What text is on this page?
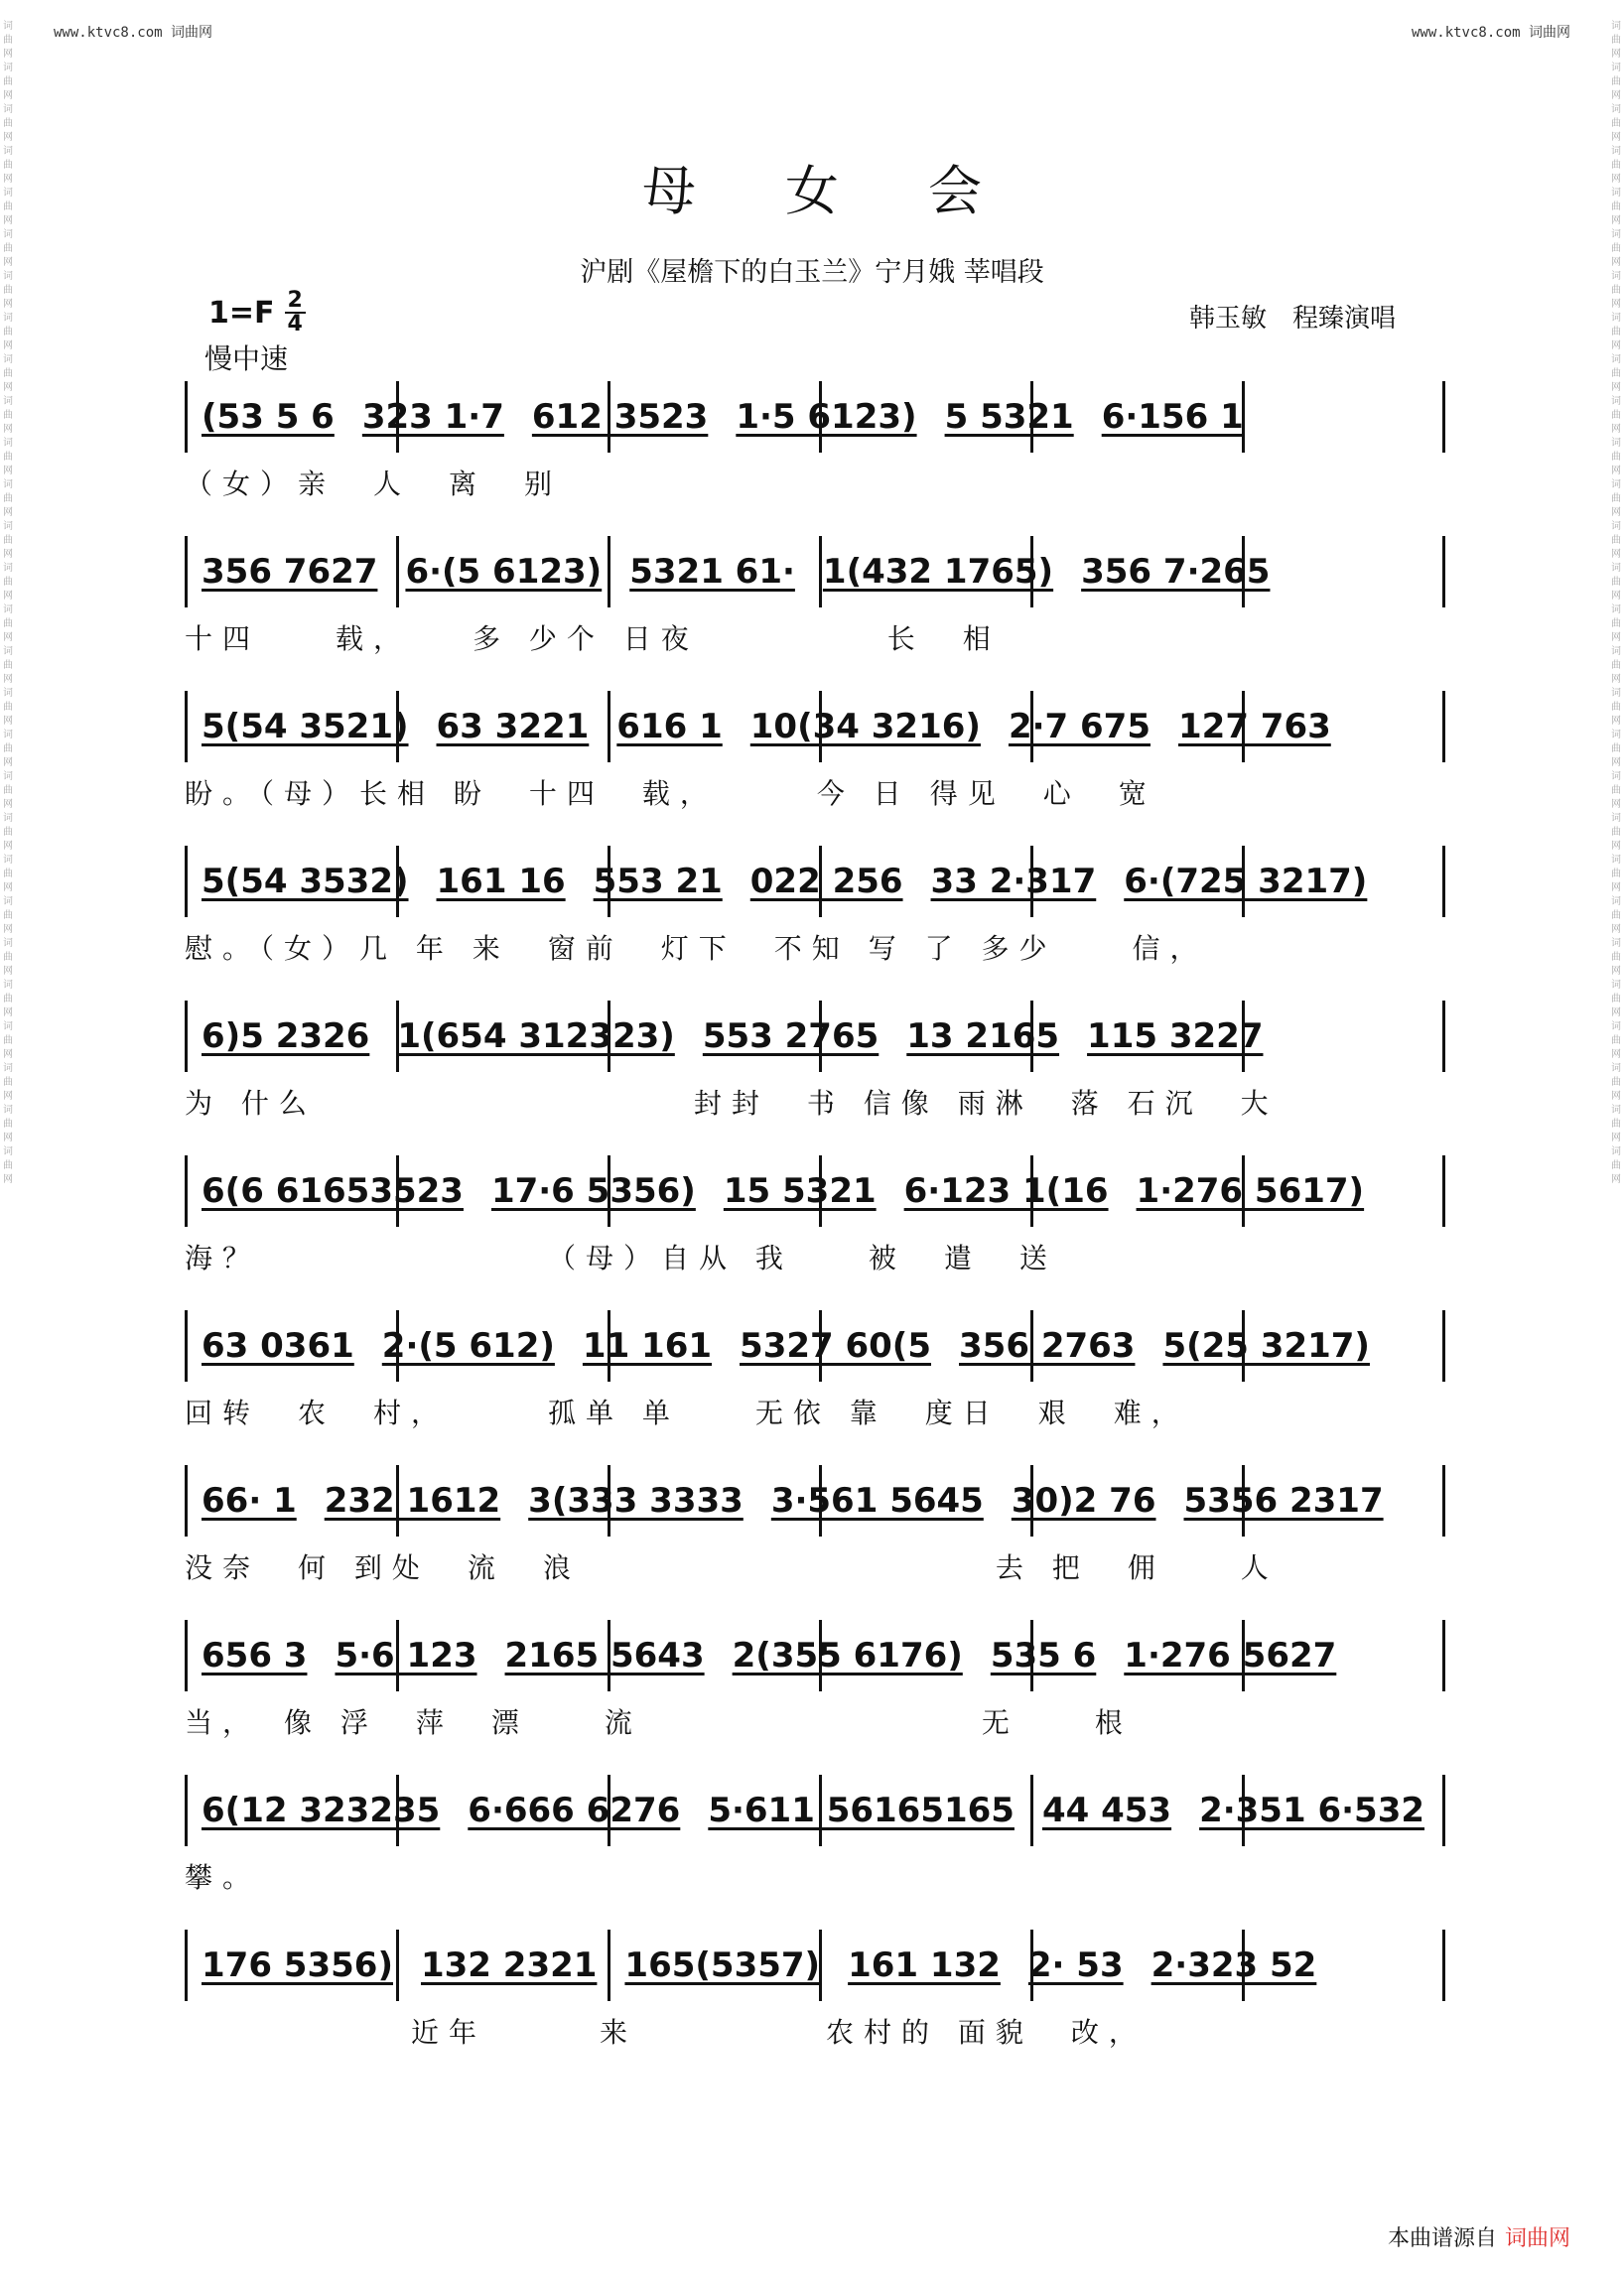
www.ktvc8.com 词曲网	www.ktvc8.com 词曲网
词曲网词曲网词曲网词曲网词曲网词曲网词曲网词曲网词曲网词曲网词曲网词曲网词曲网词曲网词曲网词曲网词曲网词曲网词曲网词曲网词曲网词曲网词曲网词曲网词曲网词曲网词曲网词曲网
词曲网词曲网词曲网词曲网词曲网词曲网词曲网词曲网词曲网词曲网词曲网词曲网词曲网词曲网词曲网词曲网词曲网词曲网词曲网词曲网词曲网词曲网词曲网词曲网词曲网词曲网词曲网词曲网
母女会
沪剧《屋檐下的白玉兰》宁月娥 莘唱段
$1=F \frac{2}{4}$
慢中速
韩玉敏　程臻演唱
(53 5 6 323 1·7 612 3523 1·5 6123) 5 5321 6·156 1
（女）亲　人　离　别
356 7627 6·(5 6123) 5321 61· 1(432 1765) 356 7·265
十四　　载，　　多 少个 日夜　　　　　长　相
5(54 3521) 63 3221 616 1 10(34 3216) 2·7 675 127 763
盼。（母）长相 盼　十四　载，　　　今 日 得见　心　宽
5(54 3532) 161 16 553 21 022 256 33 2·317 6·(725 3217)
慰。（女）几 年 来　窗前　灯下　不知 写 了 多少　　信，
6)5 2326 1(654 312323) 553 2765 13 2165 115 3227
为 什么　　　　　　　　　　封封　书 信像 雨淋　落 石沉　大
6(6 61653523 17·6 5356) 15 5321 6·123 1(16 1·276 5617)
海？　　　　　　　　（母）自从 我　　被　遣　送
63 0361 2·(5 612) 11 161 5327 60(5 356 2763 5(25 3217)
回转　农　村，　　　孤单 单　　无依 靠　度日　艰　难，
66· 1 232 1612 3(333 3333 3·561 5645 30)2 76 5356 2317
没奈　何 到处　流　浪　　　　　　　　　　　去 把　佣　　人
656 3 5·6 123 2165 5643 2(355 6176) 535 6 1·276 5627
当，　像 浮　萍　漂　　流　　　　　　　　　无　　根
6(12 323235 6·666 6276 5·611 56165165 44 453 2·351 6·532
攀。
176 5356) 132 2321 165(5357) 161 132 2· 53 2·323 52
　　　　　　近年　　　来　　　　　农村的 面貌　改，
本曲谱源自 词曲网
